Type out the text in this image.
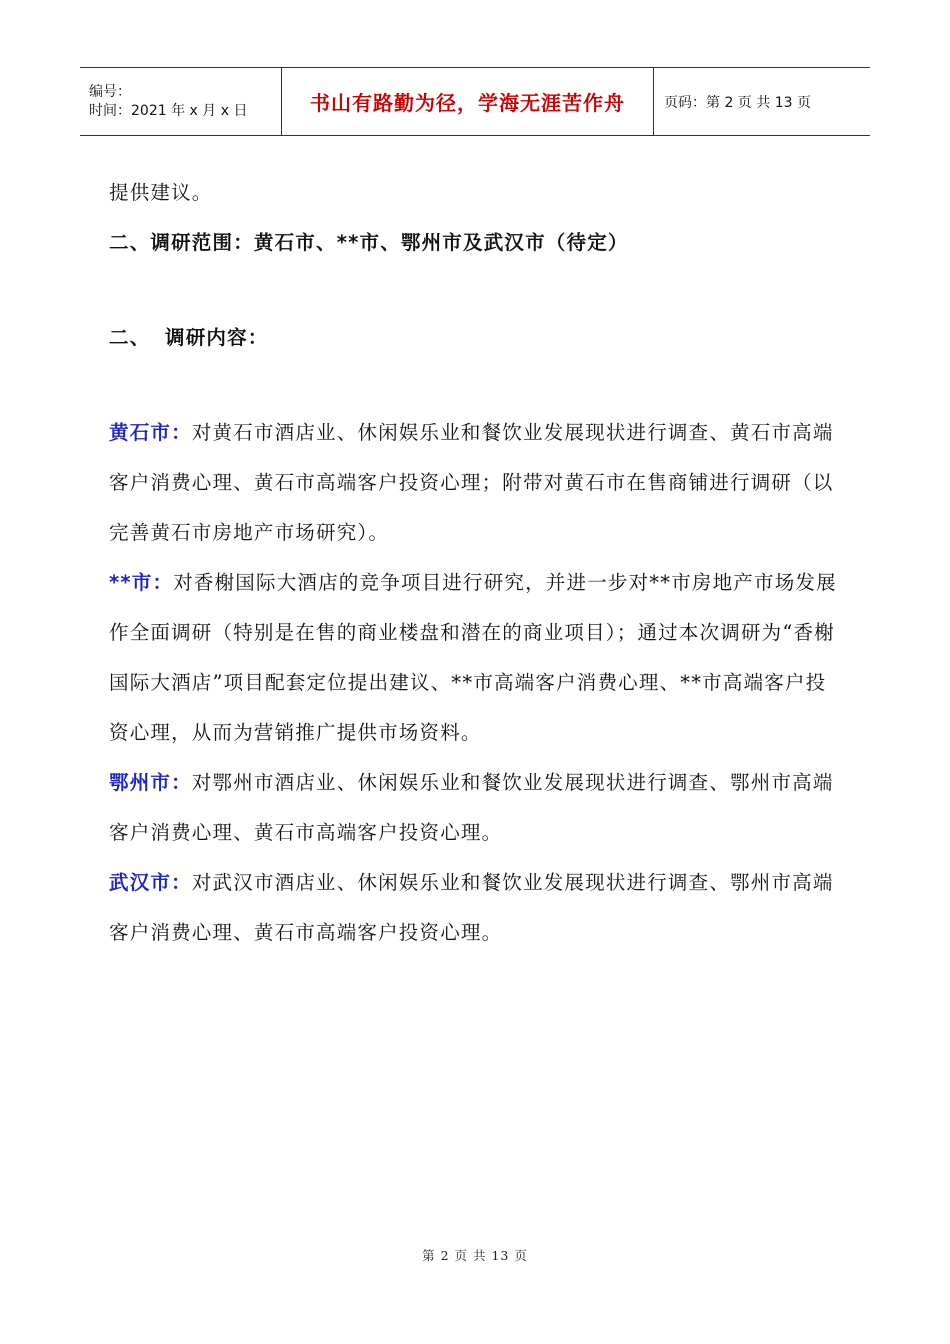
编号：
时间：2021 年 x 月 x 日	书山有路勤为径，学海无涯苦作舟	页码：第 2 页 共 13 页

提供建议。

二、调研范围：黄石市、**市、鄂州市及武汉市（待定）

二、 调研内容：

黄石市：对黄石市酒店业、休闲娱乐业和餐饮业发展现状进行调查、黄石市高端客户消费心理、黄石市高端客户投资心理；附带对黄石市在售商铺进行调研（以完善黄石市房地产市场研究）。

**市：对香榭国际大酒店的竞争项目进行研究，并进一步对**市房地产市场发展作全面调研（特别是在售的商业楼盘和潜在的商业项目）；通过本次调研为“香榭国际大酒店”项目配套定位提出建议、**市高端客户消费心理、**市高端客户投资心理，从而为营销推广提供市场资料。

鄂州市：对鄂州市酒店业、休闲娱乐业和餐饮业发展现状进行调查、鄂州市高端客户消费心理、黄石市高端客户投资心理。

武汉市：对武汉市酒店业、休闲娱乐业和餐饮业发展现状进行调查、鄂州市高端客户消费心理、黄石市高端客户投资心理。

第 2 页 共 13 页
